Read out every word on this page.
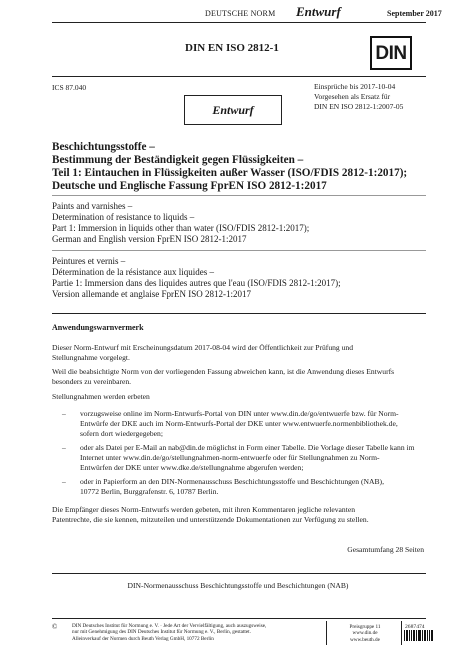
DEUTSCHE NORM Entwurf	September 2017
DIN EN ISO 2812-1	DIN
ICS 87.040	Einsprüche bis 2017-10-04
Vorgesehen als Ersatz für
DIN EN ISO 2812-1:2007-05
Entwurf
Beschichtungsstoffe –
Bestimmung der Beständigkeit gegen Flüssigkeiten –
Teil 1: Eintauchen in Flüssigkeiten außer Wasser (ISO/FDIS 2812-1:2017);
Deutsche und Englische Fassung FprEN ISO 2812-1:2017
Paints and varnishes –
Determination of resistance to liquids –
Part 1: Immersion in liquids other than water (ISO/FDIS 2812-1:2017);
German and English version FprEN ISO 2812-1:2017
Peintures et vernis –
Détermination de la résistance aux liquides –
Partie 1: Immersion dans des liquides autres que l'eau (ISO/FDIS 2812-1:2017);
Version allemande et anglaise FprEN ISO 2812-1:2017
Anwendungswarnvermerk
Dieser Norm-Entwurf mit Erscheinungsdatum 2017-08-04 wird der Öffentlichkeit zur Prüfung und
Stellungnahme vorgelegt.
Weil die beabsichtigte Norm von der vorliegenden Fassung abweichen kann, ist die Anwendung dieses Entwurfs
besonders zu vereinbaren.
Stellungnahmen werden erbeten
– vorzugsweise online im Norm-Entwurfs-Portal von DIN unter www.din.de/go/entwuerfe bzw. für Norm-
Entwürfe der DKE auch im Norm-Entwurfs-Portal der DKE unter www.entwuerfe.normenbibliothek.de,
sofern dort wiedergegeben;
– oder als Datei per E-Mail an nab@din.de möglichst in Form einer Tabelle. Die Vorlage dieser Tabelle kann im
Internet unter www.din.de/go/stellungnahmen-norm-entwuerfe oder für Stellungnahmen zu Norm-
Entwürfen der DKE unter www.dke.de/stellungnahme abgerufen werden;
– oder in Papierform an den DIN-Normenausschuss Beschichtungsstoffe und Beschichtungen (NAB),
10772 Berlin, Burggrafenstr. 6, 10787 Berlin.
Die Empfänger dieses Norm-Entwurfs werden gebeten, mit ihren Kommentaren jegliche relevanten
Patentrechte, die sie kennen, mitzuteilen und unterstützende Dokumentationen zur Verfügung zu stellen.
Gesamtumfang 28 Seiten
DIN-Normenausschuss Beschichtungsstoffe und Beschichtungen (NAB)
©	DIN Deutsches Institut für Normung e. V. · Jede Art der Vervielfältigung, auch auszugsweise,
nur mit Genehmigung des DIN Deutsches Institut für Normung e. V., Berlin, gestattet.
Alleinverkauf der Normen durch Beuth Verlag GmbH, 10772 Berlin
Preisgruppe 11
www.din.de
www.beuth.de
2687474
